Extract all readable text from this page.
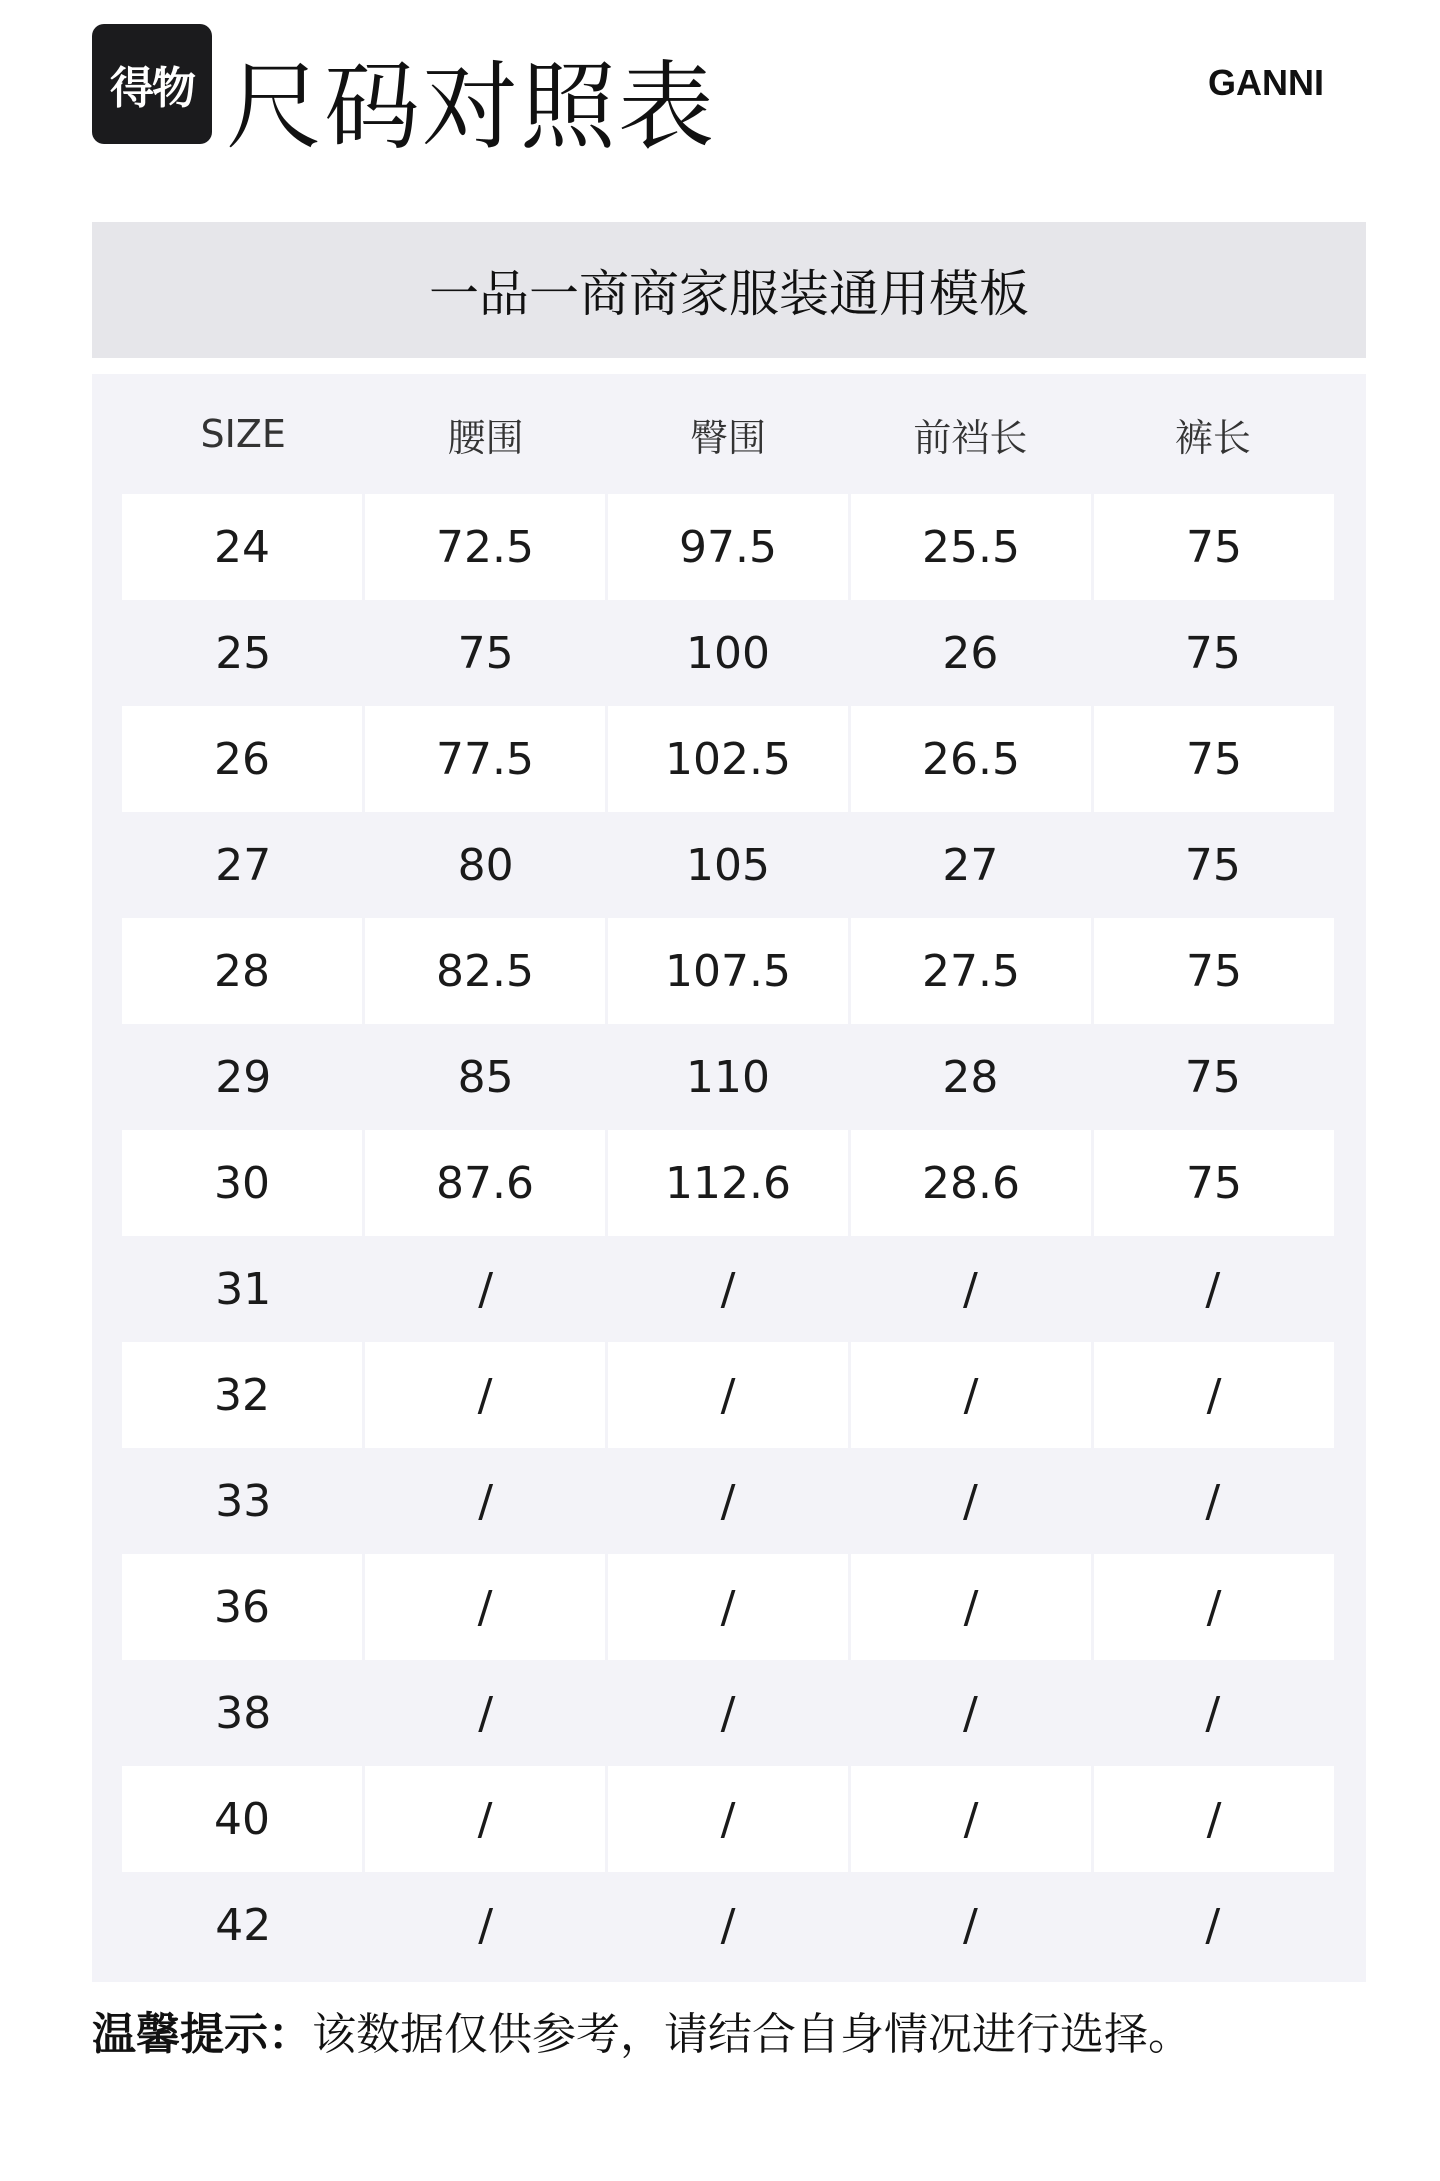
得物 尺码对照表	GANNI
一品一商商家服装通用模板
SIZE	腰围	臀围	前裆长	裤长
24	72.5	97.5	25.5	75
25	75	100	26	75
26	77.5	102.5	26.5	75
27	80	105	27	75
28	82.5	107.5	27.5	75
29	85	110	28	75
30	87.6	112.6	28.6	75
31	/	/	/	/
32	/	/	/	/
33	/	/	/	/
36	/	/	/	/
38	/	/	/	/
40	/	/	/	/
42	/	/	/	/
温馨提示：该数据仅供参考，请结合自身情况进行选择。
